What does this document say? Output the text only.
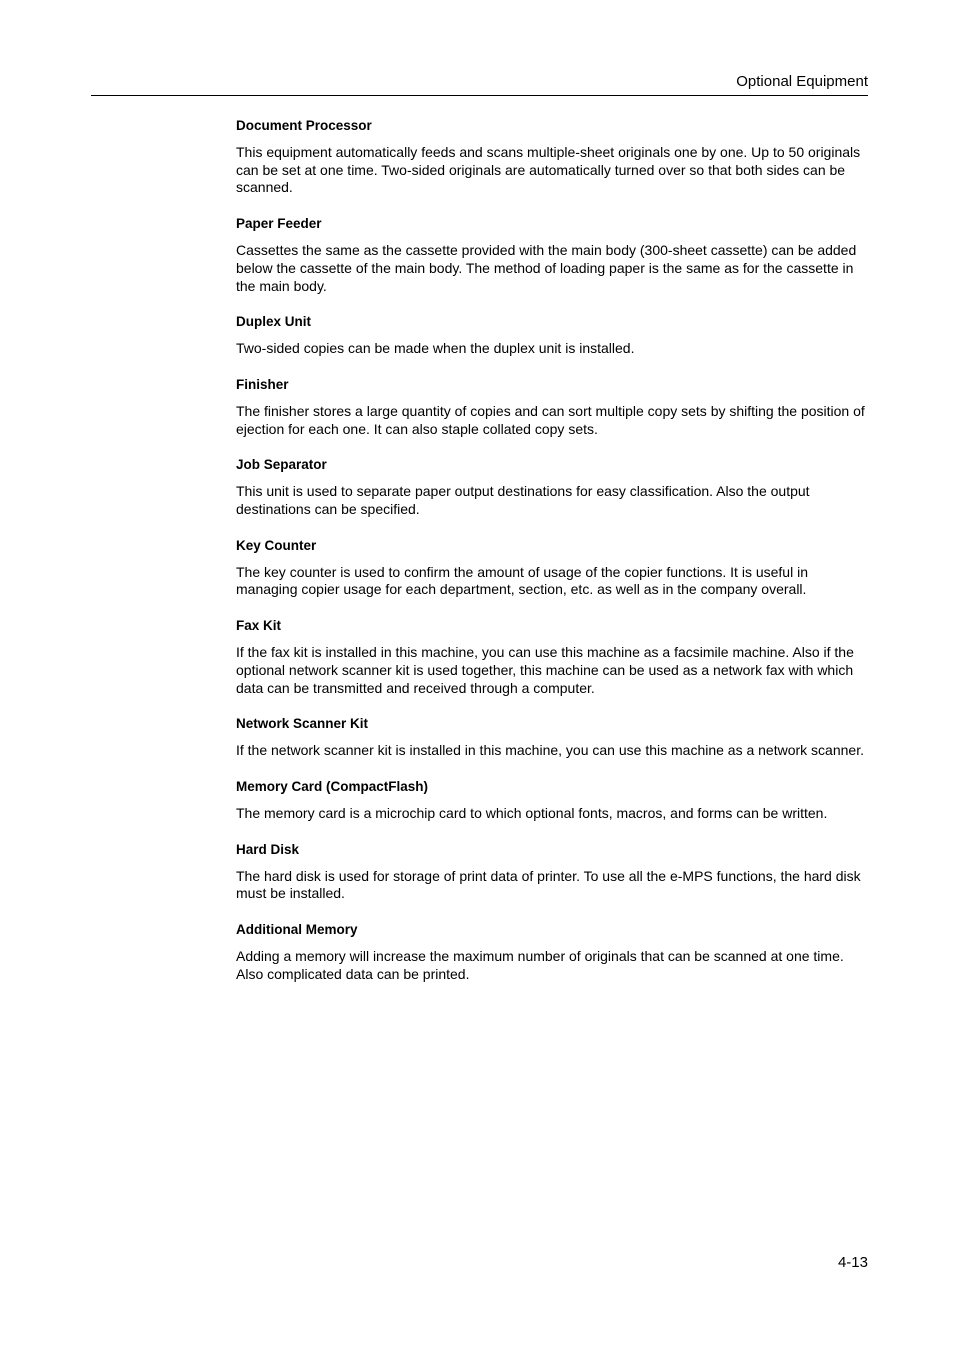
Optional Equipment
Document Processor
This equipment automatically feeds and scans multiple-sheet originals one by one. Up to 50 originals can be set at one time. Two-sided originals are automatically turned over so that both sides can be scanned.
Paper Feeder
Cassettes the same as the cassette provided with the main body (300-sheet cassette) can be added below the cassette of the main body. The method of loading paper is the same as for the cassette in the main body.
Duplex Unit
Two-sided copies can be made when the duplex unit is installed.
Finisher
The finisher stores a large quantity of copies and can sort multiple copy sets by shifting the position of ejection for each one. It can also staple collated copy sets.
Job Separator
This unit is used to separate paper output destinations for easy classification. Also the output destinations can be specified.
Key Counter
The key counter is used to confirm the amount of usage of the copier functions. It is useful in managing copier usage for each department, section, etc. as well as in the company overall.
Fax Kit
If the fax kit is installed in this machine, you can use this machine as a facsimile machine. Also if the optional network scanner kit is used together, this machine can be used as a network fax with which data can be transmitted and received through a computer.
Network Scanner Kit
If the network scanner kit is installed in this machine, you can use this machine as a network scanner.
Memory Card (CompactFlash)
The memory card is a microchip card to which optional fonts, macros, and forms can be written.
Hard Disk
The hard disk is used for storage of print data of printer. To use all the e-MPS functions, the hard disk must be installed.
Additional Memory
Adding a memory will increase the maximum number of originals that can be scanned at one time. Also complicated data can be printed.
4-13
